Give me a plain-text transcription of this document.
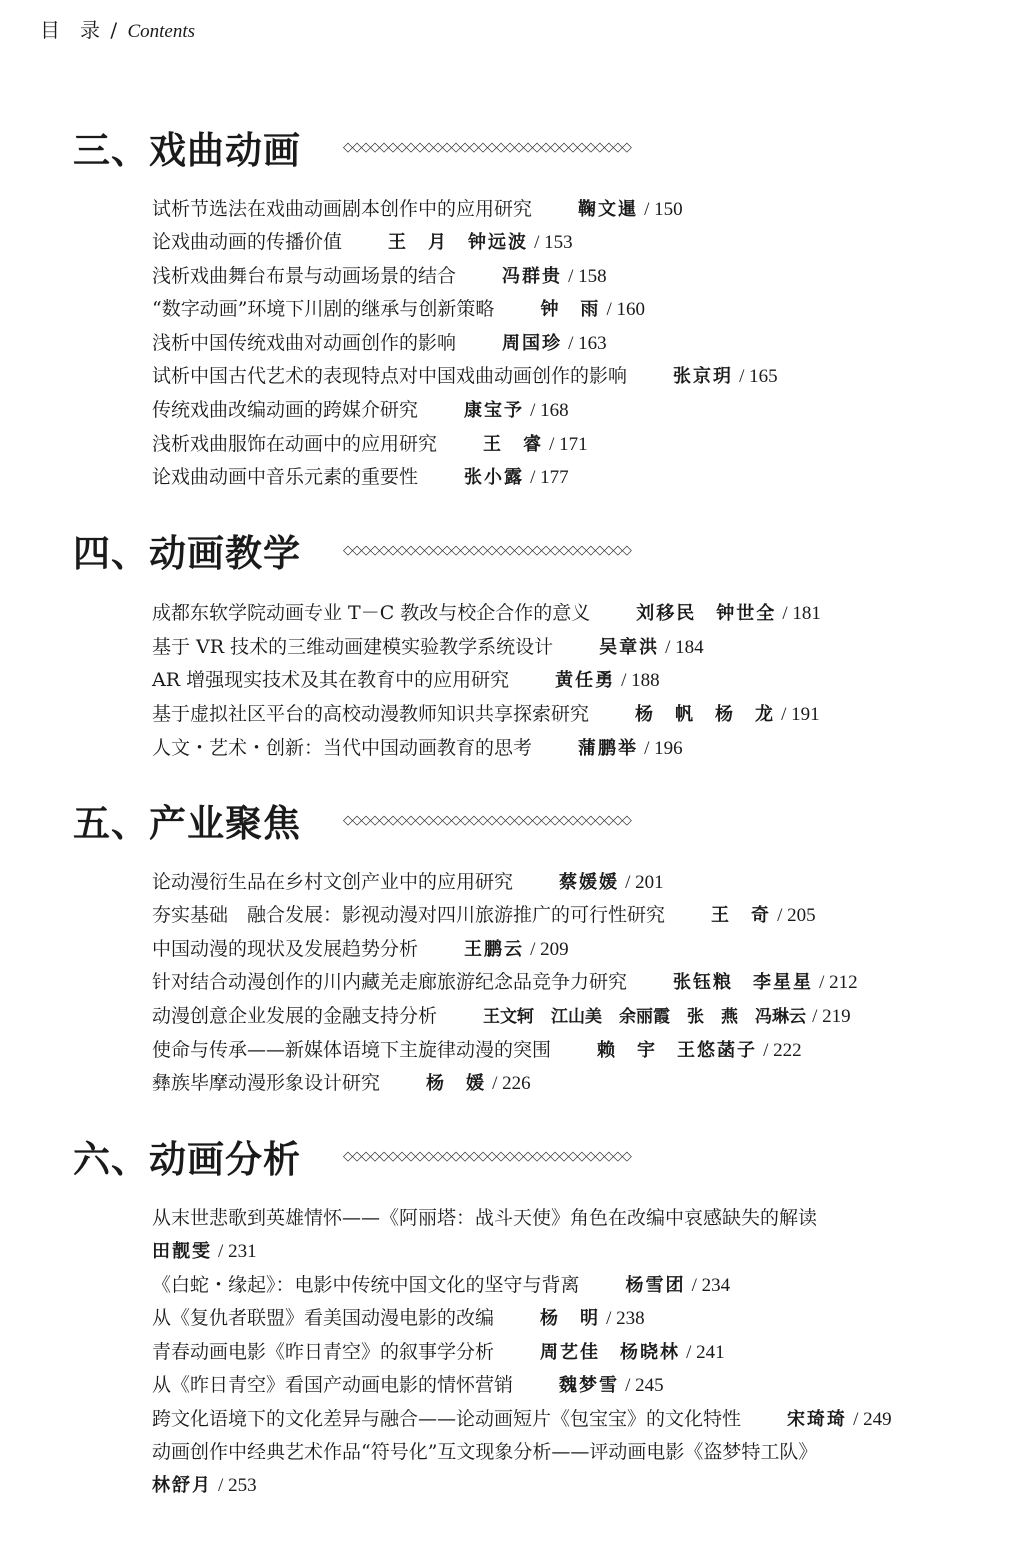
目　录 / Contents
三、戏曲动画	◇◇◇◇◇◇◇◇◇◇◇◇◇◇◇◇◇◇◇◇◇◇◇◇◇◇◇◇◇◇◇◇
试析节选法在戏曲动画剧本创作中的应用研究	鞠文暹 / 150
论戏曲动画的传播价值	王　月　钟远波 / 153
浅析戏曲舞台布景与动画场景的结合	冯群贵 / 158
“数字动画”环境下川剧的继承与创新策略	钟　雨 / 160
浅析中国传统戏曲对动画创作的影响	周国珍 / 163
试析中国古代艺术的表现特点对中国戏曲动画创作的影响	张京玥 / 165
传统戏曲改编动画的跨媒介研究	康宝予 / 168
浅析戏曲服饰在动画中的应用研究	王　睿 / 171
论戏曲动画中音乐元素的重要性	张小露 / 177
四、动画教学	◇◇◇◇◇◇◇◇◇◇◇◇◇◇◇◇◇◇◇◇◇◇◇◇◇◇◇◇◇◇◇◇
成都东软学院动画专业 T－C 教改与校企合作的意义	刘移民　钟世全 / 181
基于 VR 技术的三维动画建模实验教学系统设计	吴章洪 / 184
AR 增强现实技术及其在教育中的应用研究	黄任勇 / 188
基于虚拟社区平台的高校动漫教师知识共享探索研究	杨　帆　杨　龙 / 191
人文・艺术・创新：当代中国动画教育的思考	蒲鹏举 / 196
五、产业聚焦	◇◇◇◇◇◇◇◇◇◇◇◇◇◇◇◇◇◇◇◇◇◇◇◇◇◇◇◇◇◇◇◇
论动漫衍生品在乡村文创产业中的应用研究	蔡媛媛 / 201
夯实基础　融合发展：影视动漫对四川旅游推广的可行性研究	王　奇 / 205
中国动漫的现状及发展趋势分析	王鹏云 / 209
针对结合动漫创作的川内藏羌走廊旅游纪念品竞争力研究	张钰粮　李星星 / 212
动漫创意企业发展的金融支持分析	王文轲　江山美　余丽霞　张　燕　冯琳云 / 219
使命与传承——新媒体语境下主旋律动漫的突围	赖　宇　王悠菡子 / 222
彝族毕摩动漫形象设计研究	杨　媛 / 226
六、动画分析	◇◇◇◇◇◇◇◇◇◇◇◇◇◇◇◇◇◇◇◇◇◇◇◇◇◇◇◇◇◇◇◇
从末世悲歌到英雄情怀——《阿丽塔：战斗天使》角色在改编中哀感缺失的解读
田靓雯 / 231
《白蛇・缘起》：电影中传统中国文化的坚守与背离	杨雪团 / 234
从《复仇者联盟》看美国动漫电影的改编	杨　明 / 238
青春动画电影《昨日青空》的叙事学分析	周艺佳　杨晓林 / 241
从《昨日青空》看国产动画电影的情怀营销	魏梦雪 / 245
跨文化语境下的文化差异与融合——论动画短片《包宝宝》的文化特性	宋琦琦 / 249
动画创作中经典艺术作品“符号化”互文现象分析——评动画电影《盗梦特工队》
林舒月 / 253
